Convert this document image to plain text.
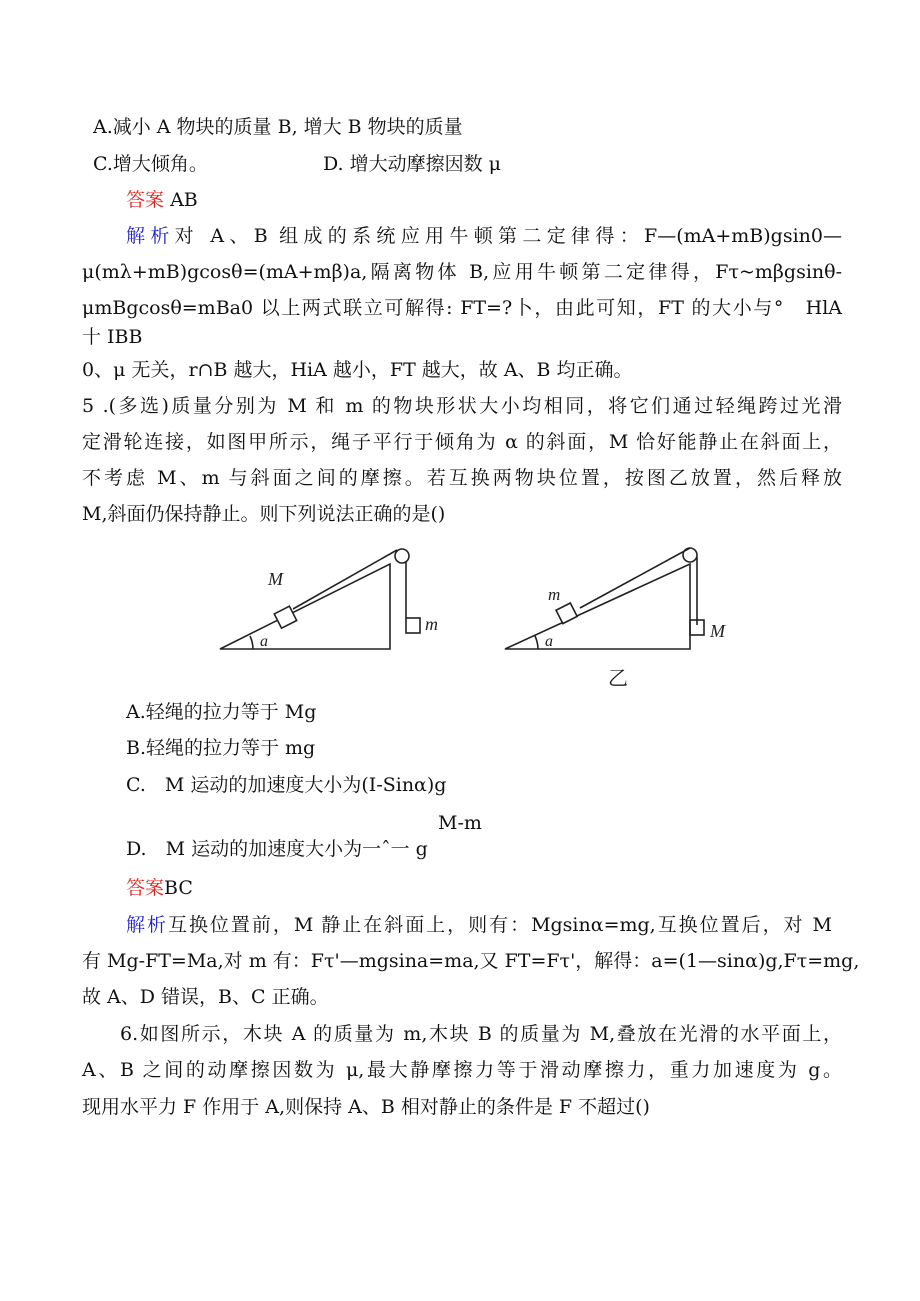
A.减小 A 物块的质量 B, 增大 B 物块的质量
C.增大倾角。	D. 增大动摩擦因数 μ
答案 AB
解析对 A、B 组成的系统应用牛顿第二定律得：F—(mA+mB)gsin0—
μ(mλ+mB)gcosθ=(mA+mβ)a,隔离物体 B,应用牛顿第二定律得，Fτ~mβgsinθ-
μmBgcosθ=mBa0 以上两式联立可解得: FT=?卜，由此可知，FT 的大小与°　HlA
十 IBB
0、μ 无关，r∩B 越大，HiA 越小，FT 越大，故 A、B 均正确。
5 .(多选)质量分别为 M 和 m 的物块形状大小均相同，将它们通过轻绳跨过光滑
定滑轮连接，如图甲所示，绳子平行于倾角为 α 的斜面，M 恰好能静止在斜面上，
不考虑 M、m 与斜面之间的摩擦。若互换两物块位置，按图乙放置，然后释放
M,斜面仍保持静止。则下列说法正确的是()
M
m
a
m
M
a
乙
A.轻绳的拉力等于 Mg
B.轻绳的拉力等于 mg
C.　M 运动的加速度大小为(I-Sinα)g
M-m
D.　M 运动的加速度大小为一ˆ一 g
答案BC
解析互换位置前，M 静止在斜面上，则有：Mgsinα=mg,互换位置后，对 M
有 Mg-FT=Ma,对 m 有：Fτ'—mgsina=ma,又 FT=Fτ'，解得：a=(1—sinα)g,Fτ=mg,
故 A、D 错误，B、C 正确。
6.如图所示，木块 A 的质量为 m,木块 B 的质量为 M,叠放在光滑的水平面上，
A、B 之间的动摩擦因数为 μ,最大静摩擦力等于滑动摩擦力，重力加速度为 g。
现用水平力 F 作用于 A,则保持 A、B 相对静止的条件是 F 不超过()
